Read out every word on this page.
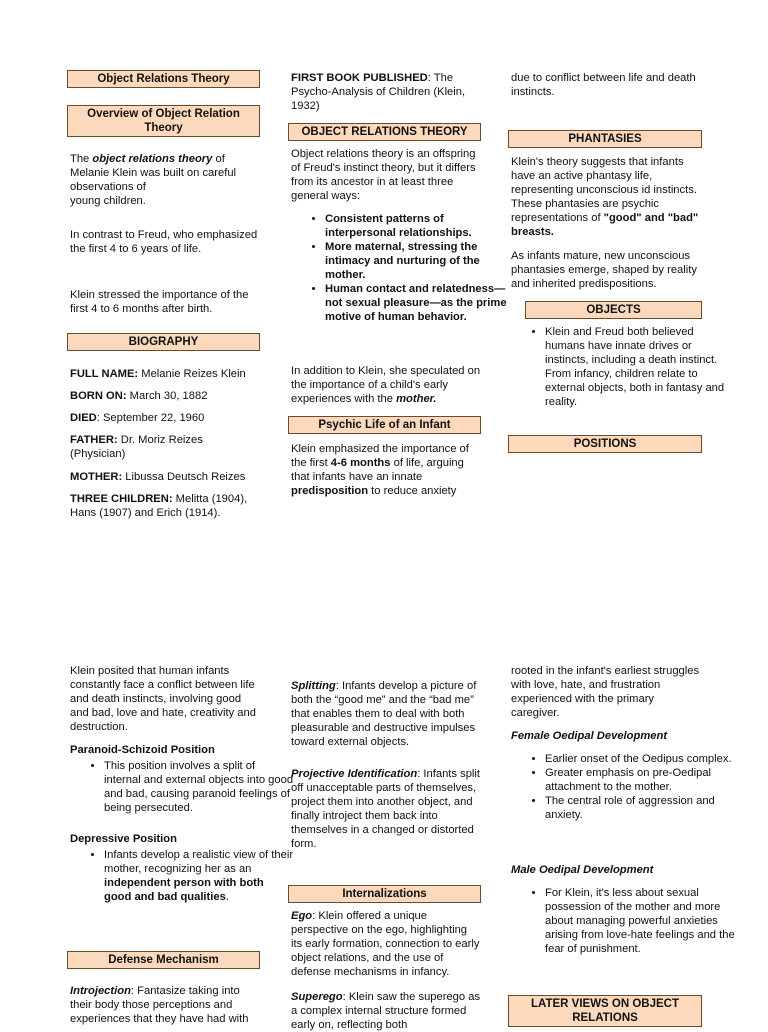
Object Relations Theory
Overview of Object Relation Theory

The object relations theory of Melanie Klein was built on careful observations of
young children.

In contrast to Freud, who emphasized the first 4 to 6 years of life.

Klein stressed the importance of the first 4 to 6 months after birth.

BIOGRAPHY

FULL NAME: Melanie Reizes Klein

BORN ON: March 30, 1882

DIED: September 22, 1960

FATHER: Dr. Moriz Reizes (Physician)

MOTHER: Libussa Deutsch Reizes

THREE CHILDREN: Melitta (1904), Hans (1907) and Erich (1914).

Klein posited that human infants constantly face a conflict between life and death instincts, involving good and bad, love and hate, creativity and destruction.

Paranoid-Schizoid Position

• This position involves a split of internal and external objects into good and bad, causing paranoid feelings of being persecuted.

Depressive Position

• Infants develop a realistic view of their mother, recognizing her as an independent person with both good and bad qualities.
Defense Mechanism

Introjection: Fantasize taking into their body those perceptions and experiences that they have had with

FIRST BOOK PUBLISHED: The Psycho-Analysis of Children (Klein, 1932)

OBJECT RELATIONS THEORY

Object relations theory is an offspring of Freud's instinct theory, but it differs from its ancestor in at least three general ways:

• Consistent patterns of interpersonal relationships.
• More maternal, stressing the intimacy and nurturing of the mother.
• Human contact and relatedness—not sexual pleasure—as the prime motive of human behavior.

In addition to Klein, she speculated on the importance of a child's early experiences with the mother.

Psychic Life of an Infant

Klein emphasized the importance of the first 4-6 months of life, arguing that infants have an innate predisposition to reduce anxiety

Splitting: Infants develop a picture of both the “good me” and the “bad me” that enables them to deal with both pleasurable and destructive impulses toward external objects.

Projective Identification: Infants split off unacceptable parts of themselves, project them into another object, and finally introject them back into themselves in a changed or distorted form.

Internalizations

Ego: Klein offered a unique perspective on the ego, highlighting its early formation, connection to early object relations, and the use of defense mechanisms in infancy.

Superego: Klein saw the superego as a complex internal structure formed early on, reflecting both

due to conflict between life and death instincts.

PHANTASIES

Klein's theory suggests that infants have an active phantasy life, representing unconscious id instincts. These phantasies are psychic representations of "good" and "bad" breasts.

As infants mature, new unconscious phantasies emerge, shaped by reality and inherited predispositions.

OBJECTS
• Klein and Freud both believed humans have innate drives or instincts, including a death instinct. From infancy, children relate to external objects, both in fantasy and reality.
POSITIONS

rooted in the infant's earliest struggles with love, hate, and frustration experienced with the primary caregiver.

Female Oedipal Development

• Earlier onset of the Oedipus complex.
• Greater emphasis on pre-Oedipal attachment to the mother.
• The central role of aggression and anxiety.

Male Oedipal Development

• For Klein, it's less about sexual possession of the mother and more about managing powerful anxieties arising from love-hate feelings and the fear of punishment.
LATER VIEWS ON OBJECT RELATIONS
